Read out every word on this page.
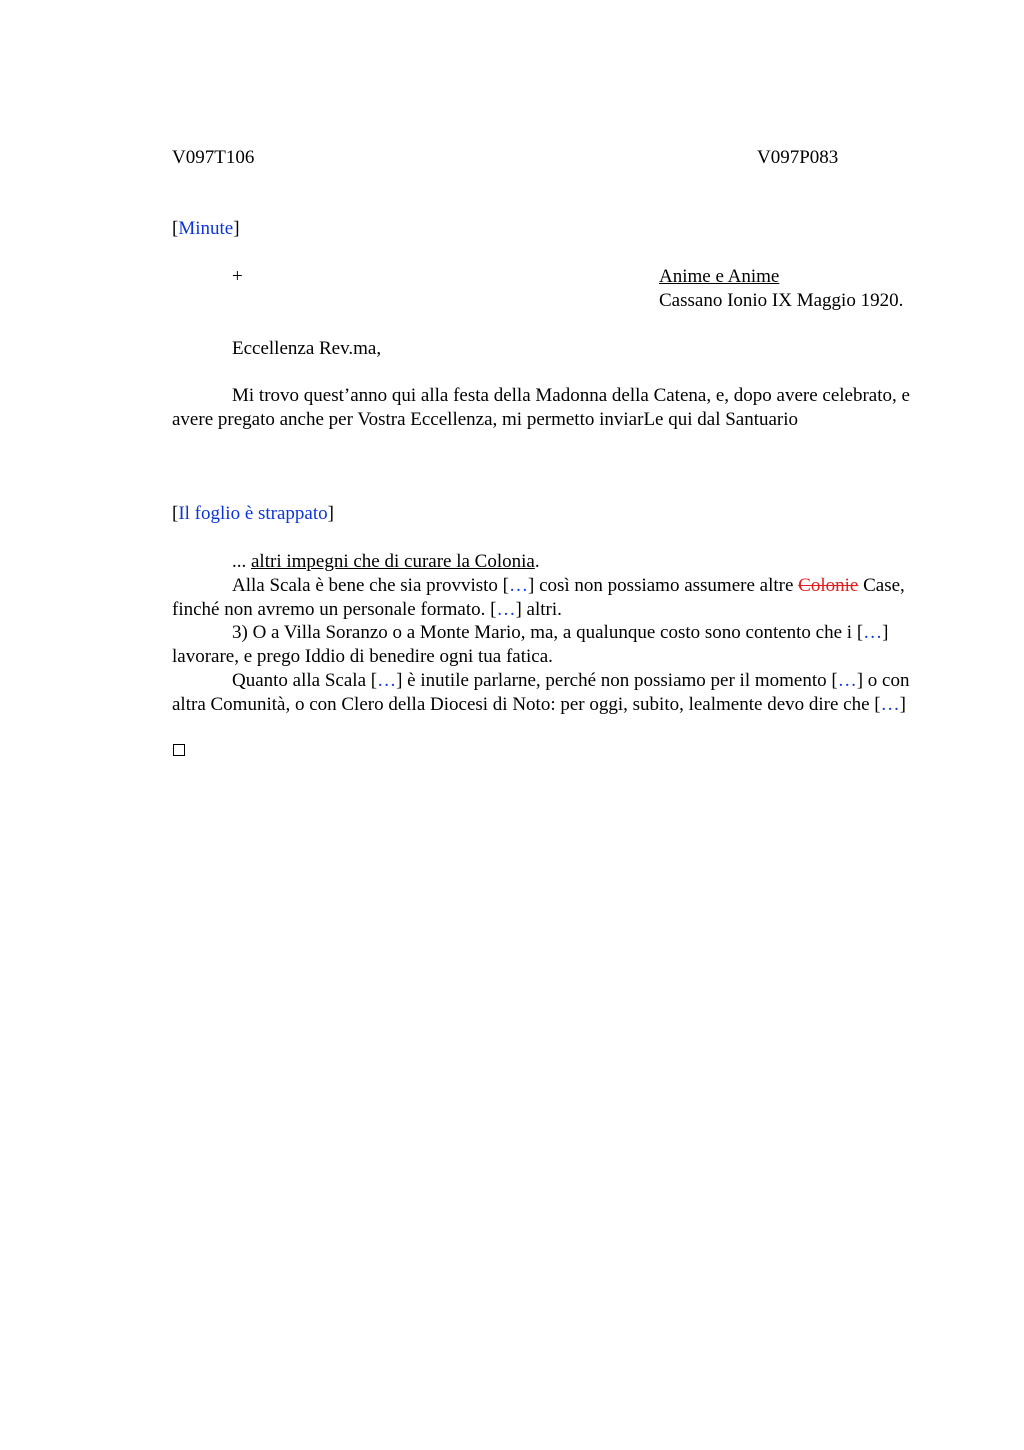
V097T106	V097P083
[Minute]
+	Anime e Anime
Cassano Ionio IX Maggio 1920.
Eccellenza Rev.ma,
Mi trovo quest’anno qui alla festa della Madonna della Catena, e, dopo avere celebrato, e avere pregato anche per Vostra Eccellenza, mi permetto inviarLe qui dal Santuario
[Il foglio è strappato]
... altri impegni che di curare la Colonia.
Alla Scala è bene che sia provvisto […] così non possiamo assumere altre Colonie Case, finché non avremo un personale formato. […] altri.
3) O a Villa Soranzo o a Monte Mario, ma, a qualunque costo sono contento che i […] lavorare, e prego Iddio di benedire ogni tua fatica.
Quanto alla Scala […] è inutile parlarne, perché non possiamo per il momento […] o con altra Comunità, o con Clero della Diocesi di Noto: per oggi, subito, lealmente devo dire che […]
